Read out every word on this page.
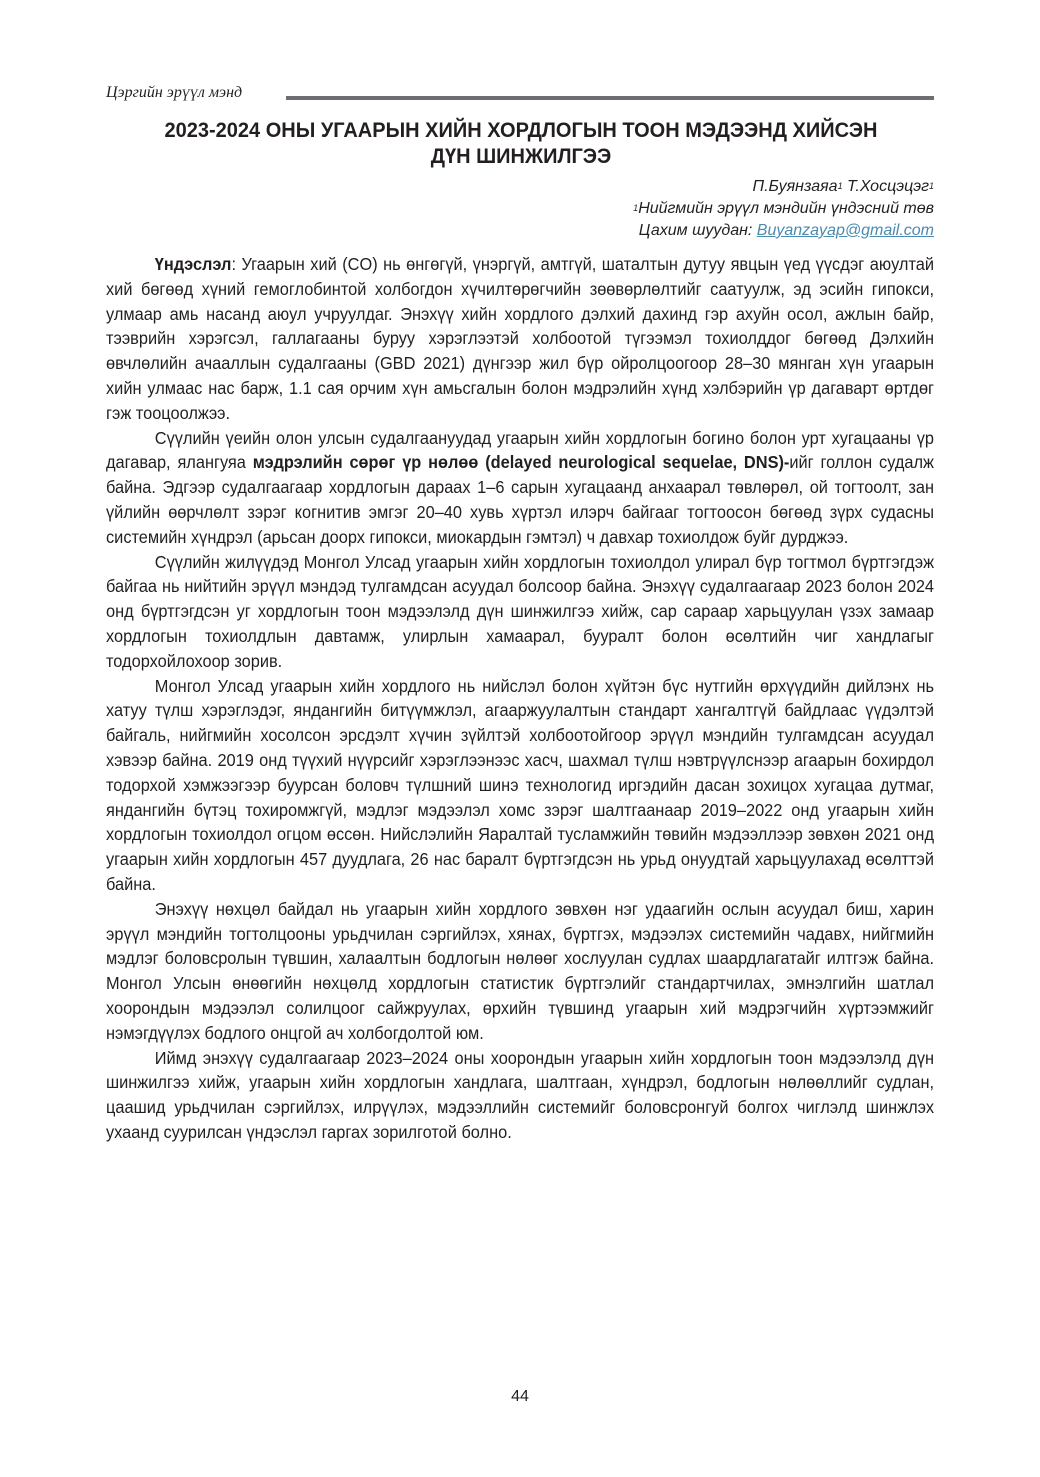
Цэргийн эрүүл мэнд
2023-2024 ОНЫ УГААРЫН ХИЙН ХОРДЛОГЫН ТООН МЭДЭЭНД ХИЙСЭН
ДҮН ШИНЖИЛГЭЭ
П.Буянзаяа$^1$ Т.Хосцэцэг$^1$
$^1$Нийгмийн эрүүл мэндийн үндэсний төв
Цахим шуудан: Buyanzayap@gmail.com

Үндэслэл: Угаарын хий (CO) нь өнгөгүй, үнэргүй, амтгүй, шаталтын дутуу явцын үед үүсдэг аюултай хий бөгөөд хүний гемоглобинтой холбогдон хүчилтөрөгчийн зөөвөрлөлтийг саатуулж, эд эсийн гипокси, улмаар амь насанд аюул учруулдаг. Энэхүү хийн хордлого дэлхий дахинд гэр ахуйн осол, ажлын байр, тээврийн хэрэгсэл, галлагааны буруу хэрэглээтэй холбоотой түгээмэл тохиолддог бөгөөд Дэлхийн өвчлөлийн ачааллын судалгааны (GBD 2021) дүнгээр жил бүр ойролцоогоор 28–30 мянган хүн угаарын хийн улмаас нас барж, 1.1 сая орчим хүн амьсгалын болон мэдрэлийн хүнд хэлбэрийн үр дагаварт өртдөг гэж тооцоолжээ.

Сүүлийн үеийн олон улсын судалгаануудад угаарын хийн хордлогын богино болон урт хугацааны үр дагавар, ялангуяа мэдрэлийн сөрөг үр нөлөө (delayed neurological sequelae, DNS)-ийг голлон судалж байна. Эдгээр судалгаагаар хордлогын дараах 1–6 сарын хугацаанд анхаарал төвлөрөл, ой тогтоолт, зан үйлийн өөрчлөлт зэрэг когнитив эмгэг 20–40 хувь хүртэл илэрч байгааг тогтоосон бөгөөд зүрх судасны системийн хүндрэл (арьсан доорх гипокси, миокардын гэмтэл) ч давхар тохиолдож буйг дурджээ.

Сүүлийн жилүүдэд Монгол Улсад угаарын хийн хордлогын тохиолдол улирал бүр тогтмол бүртгэгдэж байгаа нь нийтийн эрүүл мэндэд тулгамдсан асуудал болсоор байна. Энэхүү судалгаагаар 2023 болон 2024 онд бүртгэгдсэн уг хордлогын тоон мэдээлэлд дүн шинжилгээ хийж, сар сараар харьцуулан үзэх замаар хордлогын тохиолдлын давтамж, улирлын хамаарал, бууралт болон өсөлтийн чиг хандлагыг тодорхойлохоор зорив.

Монгол Улсад угаарын хийн хордлого нь нийслэл болон хүйтэн бүс нутгийн өрхүүдийн дийлэнх нь хатуу түлш хэрэглэдэг, яндангийн битүүмжлэл, агааржуулалтын стандарт хангалтгүй байдлаас үүдэлтэй байгаль, нийгмийн хосолсон эрсдэлт хүчин зүйлтэй холбоотойгоор эрүүл мэндийн тулгамдсан асуудал хэвээр байна. 2019 онд түүхий нүүрсийг хэрэглээнээс хасч, шахмал түлш нэвтрүүлснээр агаарын бохирдол тодорхой хэмжээгээр буурсан боловч түлшний шинэ технологид иргэдийн дасан зохицох хугацаа дутмаг, яндангийн бүтэц тохиромжгүй, мэдлэг мэдээлэл хомс зэрэг шалтгаанаар 2019–2022 онд угаарын хийн хордлогын тохиолдол огцом өссөн. Нийслэлийн Яаралтай тусламжийн төвийн мэдээллээр зөвхөн 2021 онд угаарын хийн хордлогын 457 дуудлага, 26 нас баралт бүртгэгдсэн нь урьд онуудтай харьцуулахад өсөлттэй байна.

Энэхүү нөхцөл байдал нь угаарын хийн хордлого зөвхөн нэг удаагийн ослын асуудал биш, харин эрүүл мэндийн тогтолцооны урьдчилан сэргийлэх, хянах, бүртгэх, мэдээлэх системийн чадавх, нийгмийн мэдлэг боловсролын түвшин, халаалтын бодлогын нөлөөг хослуулан судлах шаардлагатайг илтгэж байна. Монгол Улсын өнөөгийн нөхцөлд хордлогын статистик бүртгэлийг стандартчилах, эмнэлгийн шатлал хоорондын мэдээлэл солилцоог сайжруулах, өрхийн түвшинд угаарын хий мэдрэгчийн хүртээмжийг нэмэгдүүлэх бодлого онцгой ач холбогдолтой юм.

Иймд энэхүү судалгаагаар 2023–2024 оны хоорондын угаарын хийн хордлогын тоон мэдээлэлд дүн шинжилгээ хийж, угаарын хийн хордлогын хандлага, шалтгаан, хүндрэл, бодлогын нөлөөллийг судлан, цаашид урьдчилан сэргийлэх, илрүүлэх, мэдээллийн системийг боловсронгуй болгох чиглэлд шинжлэх ухаанд суурилсан үндэслэл гаргах зорилготой болно.

44
